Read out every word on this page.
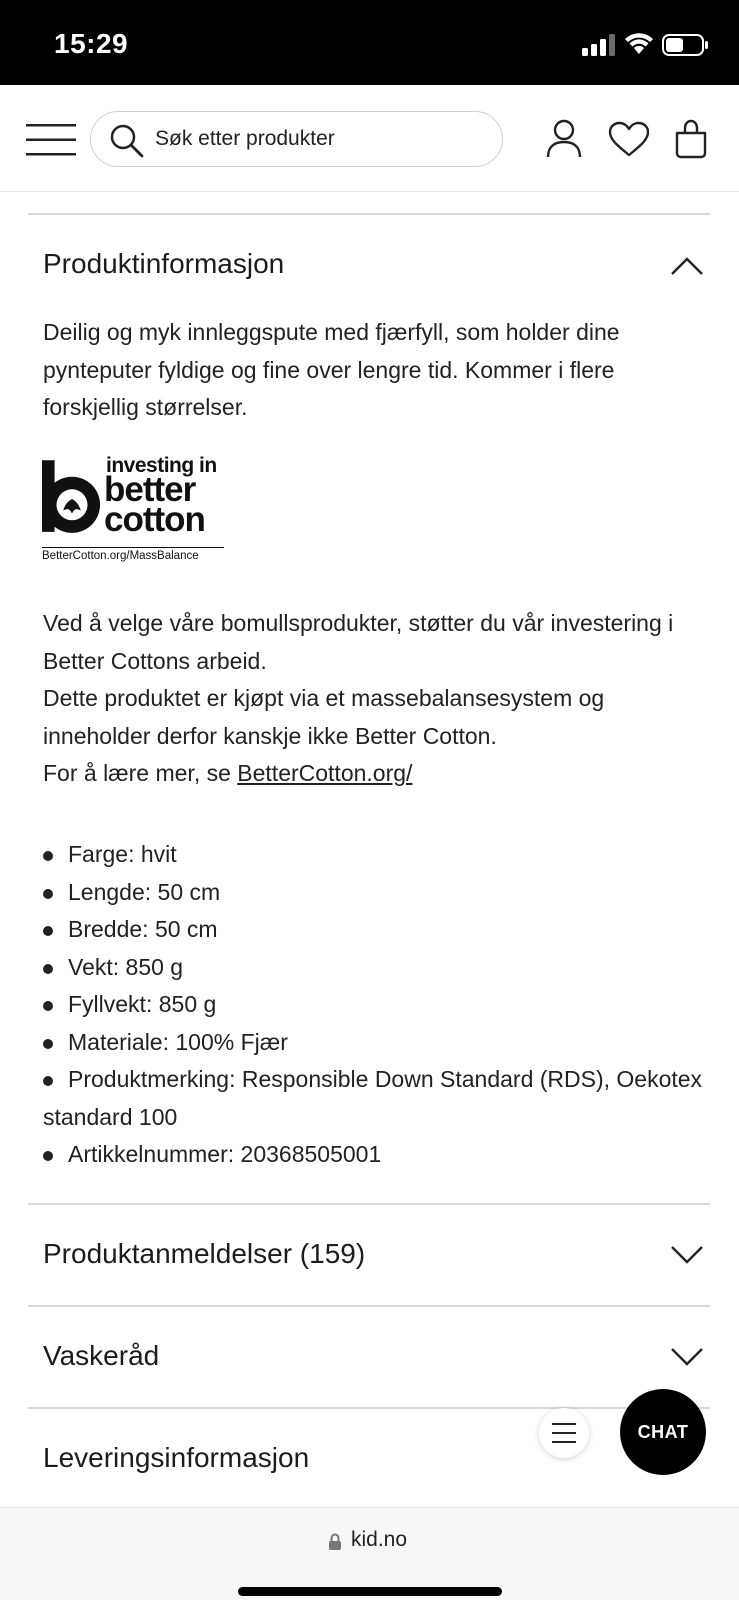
15:29
Søk etter produkter
Produktinformasjon

Deilig og myk innleggspute med fjærfyll, som holder dine pynteputer fyldige og fine over lengre tid. Kommer i flere forskjellig størrelser.

investing in
better
cotton
BetterCotton.org/MassBalance
Ved å velge våre bomullsprodukter, støtter du vår investering i Better Cottons arbeid.
Dette produktet er kjøpt via et massebalansesystem og inneholder derfor kanskje ikke Better Cotton.
For å lære mer, se BetterCotton.org/
Farge: hvit
Lengde: 50 cm
Bredde: 50 cm
Vekt: 850 g
Fyllvekt: 850 g
Materiale: 100% Fjær
Produktmerking: Responsible Down Standard (RDS), Oekotex standard 100
Artikkelnummer: 20368505001
Produktanmeldelser (159)
Vaskeråd
Leveringsinformasjon
CHAT
kid.no
